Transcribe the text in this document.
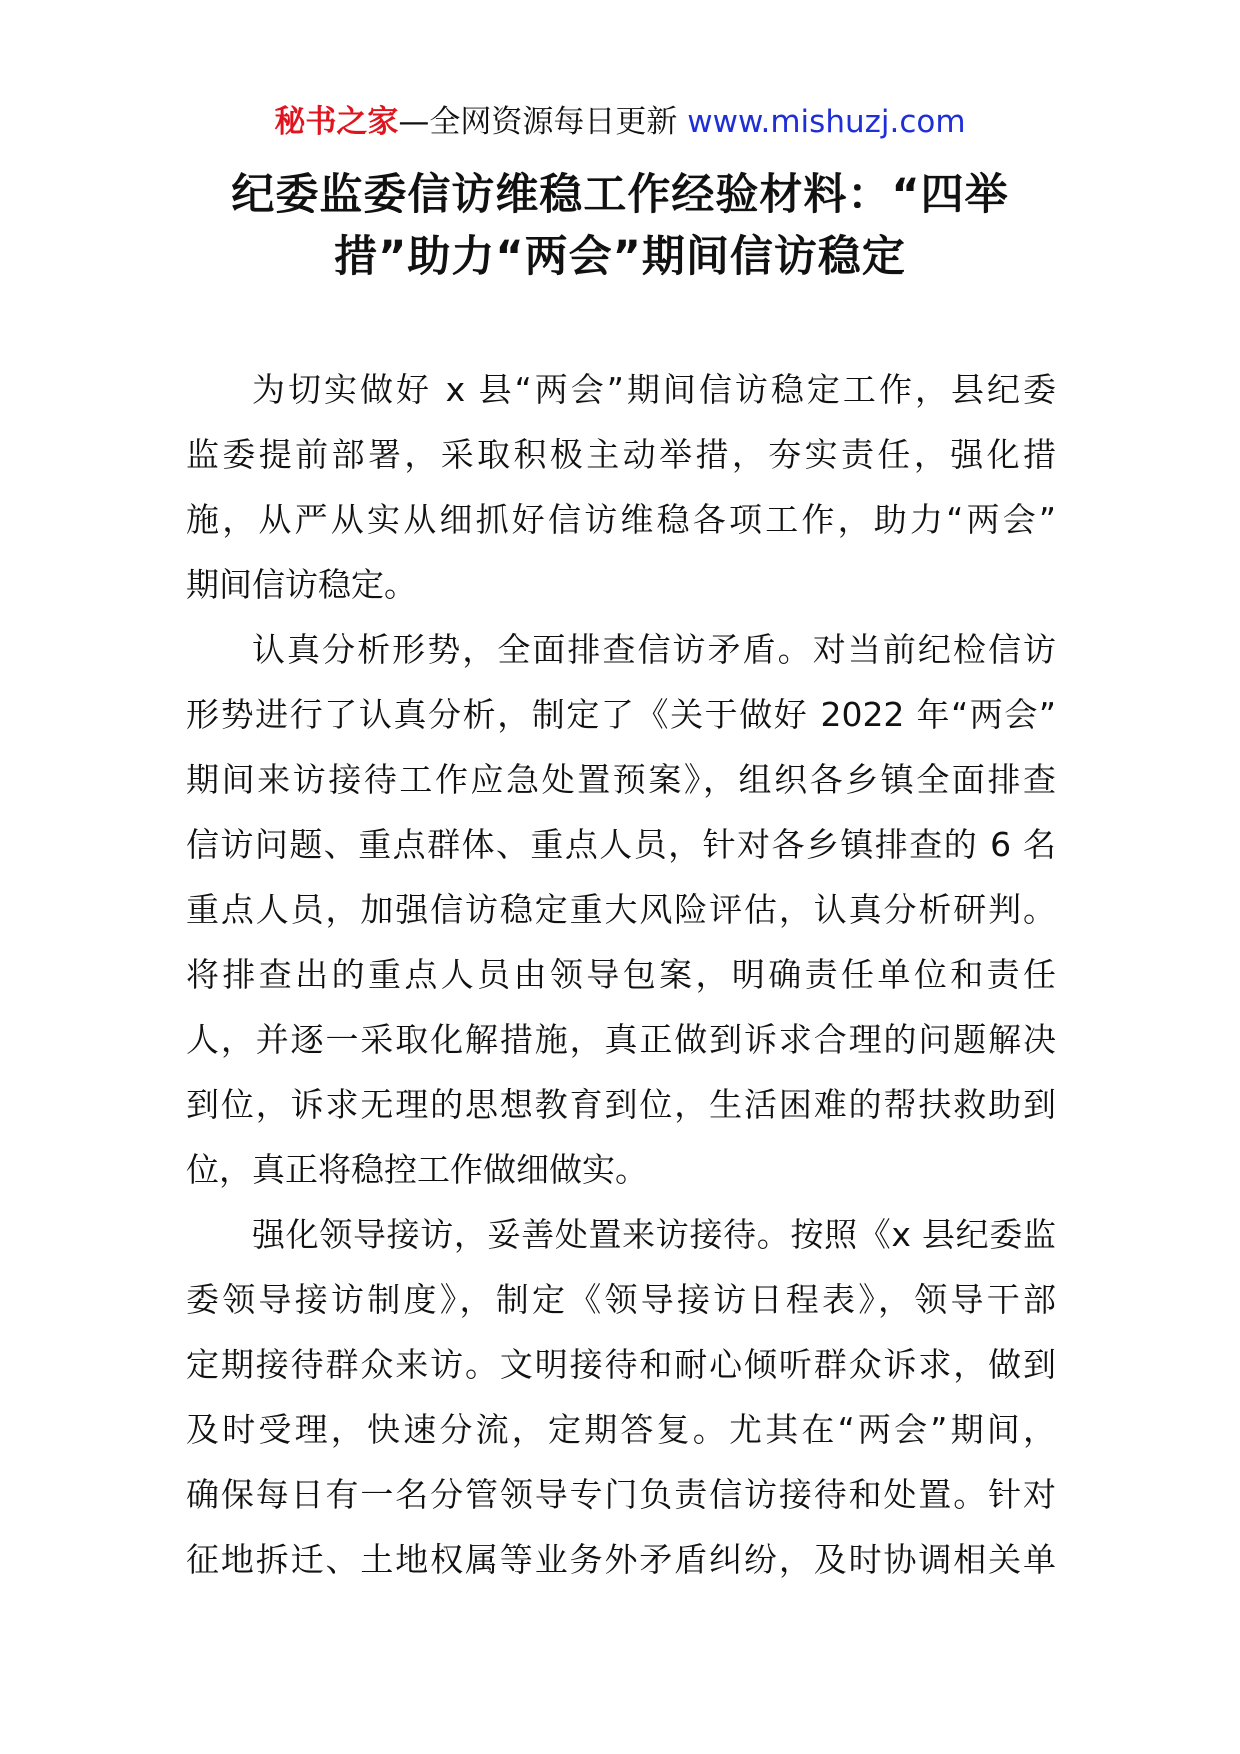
秘书之家—全网资源每日更新 www.mishuzj.com
纪委监委信访维稳工作经验材料：“四举
措”助力“两会”期间信访稳定
为切实做好 x 县“两会”期间信访稳定工作，县纪委
监委提前部署，采取积极主动举措，夯实责任，强化措
施，从严从实从细抓好信访维稳各项工作，助力“两会”
期间信访稳定。
认真分析形势，全面排查信访矛盾。对当前纪检信访
形势进行了认真分析，制定了《关于做好 2022 年“两会”
期间来访接待工作应急处置预案》，组织各乡镇全面排查
信访问题、重点群体、重点人员，针对各乡镇排查的 6 名
重点人员，加强信访稳定重大风险评估，认真分析研判。
将排查出的重点人员由领导包案，明确责任单位和责任
人，并逐一采取化解措施，真正做到诉求合理的问题解决
到位，诉求无理的思想教育到位，生活困难的帮扶救助到
位，真正将稳控工作做细做实。
强化领导接访，妥善处置来访接待。按照《x 县纪委监
委领导接访制度》，制定《领导接访日程表》，领导干部
定期接待群众来访。文明接待和耐心倾听群众诉求，做到
及时受理，快速分流，定期答复。尤其在“两会”期间，
确保每日有一名分管领导专门负责信访接待和处置。针对
征地拆迁、土地权属等业务外矛盾纠纷，及时协调相关单
